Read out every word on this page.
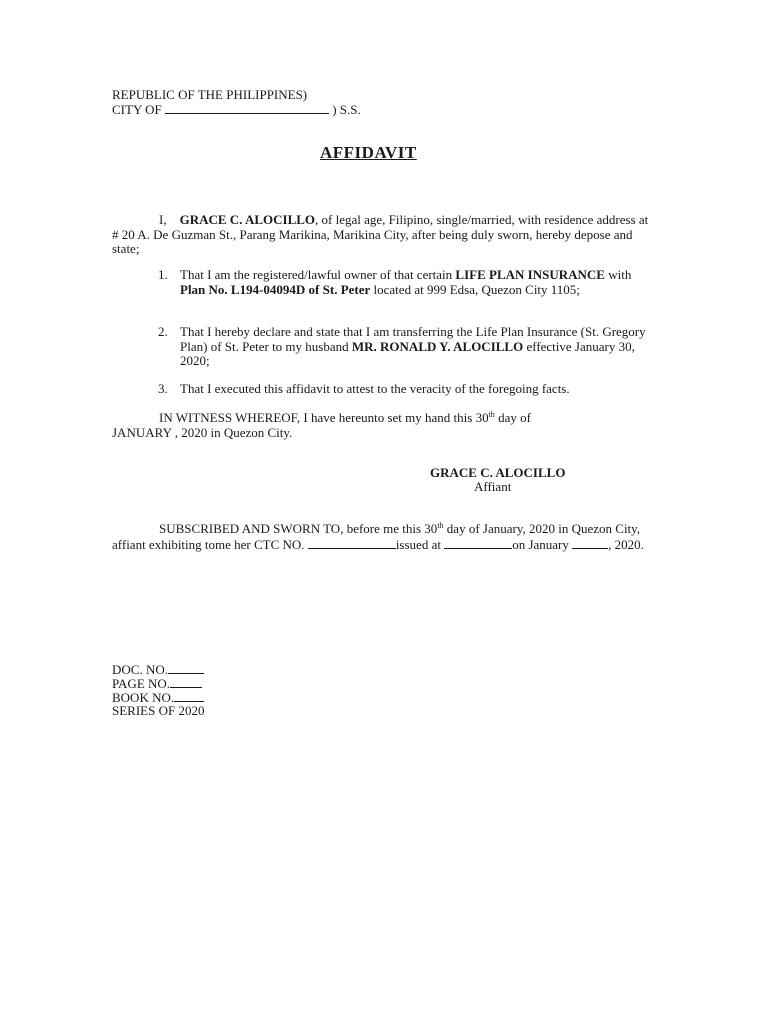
REPUBLIC OF THE PHILIPPINES)
CITY OF	) S.S.
AFFIDAVIT
I, GRACE C. ALOCILLO, of legal age, Filipino, single/married, with residence address at # 20 A. De Guzman St., Parang Marikina, Marikina City, after being duly sworn, hereby depose and state;
1. That I am the registered/lawful owner of that certain LIFE PLAN INSURANCE with Plan No. L194-04094D of St. Peter located at 999 Edsa, Quezon City 1105;
2. That I hereby declare and state that I am transferring the Life Plan Insurance (St. Gregory Plan) of St. Peter to my husband MR. RONALD Y. ALOCILLO effective January 30, 2020;
3. That I executed this affidavit to attest to the veracity of the foregoing facts.
IN WITNESS WHEREOF, I have hereunto set my hand this 30th day of JANUARY , 2020 in Quezon City.
GRACE C. ALOCILLO
Affiant
SUBSCRIBED AND SWORN TO, before me this 30th day of January, 2020 in Quezon City, affiant exhibiting tome her CTC NO.	issued at	on January	, 2020.
DOC. NO.
PAGE NO.
BOOK NO.
SERIES OF 2020
